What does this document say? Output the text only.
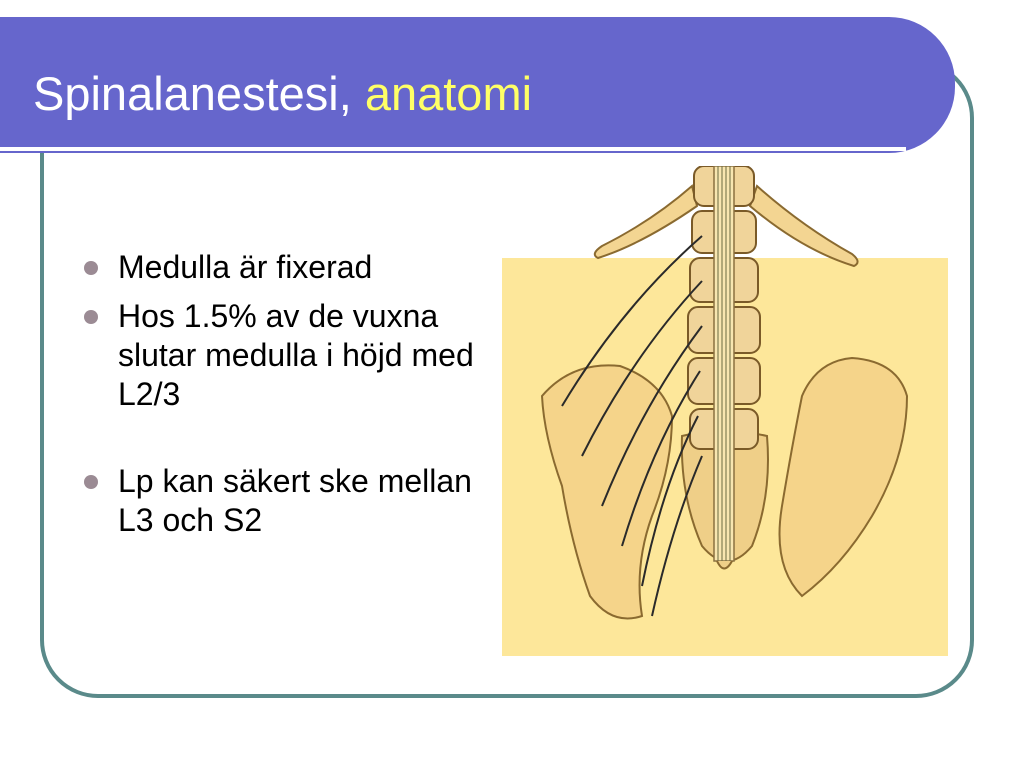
Spinalanestesi, anatomi
Medulla är fixerad
Hos 1.5% av de vuxna slutar medulla i höjd med L2/3
Lp kan säkert ske mellan L3 och S2
